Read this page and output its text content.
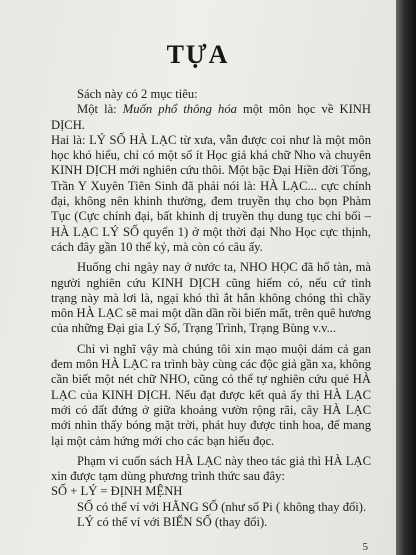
TỰA

Sách này có 2 mục tiêu:

Một là: Muốn phổ thông hóa một môn học về KINH DỊCH.

Hai là: LÝ SỐ HÀ LẠC từ xưa, vẫn được coi như là một môn học khó hiểu, chỉ có một số ít Học giả khá chữ Nho và chuyên KINH DỊCH mới nghiên cứu thôi. Một bậc Đại Hiền đời Tống, Trần Y Xuyên Tiên Sinh đã phải nói là: HÀ LẠC... cực chính đại, không nên khinh thường, đem truyền thụ cho bọn Phàm Tục (Cực chính đại, bất khinh dị truyền thụ dung tục chi bối – HÀ LẠC LÝ SỐ quyển 1) ở một thời đại Nho Học cực thịnh, cách đây gần 10 thế kỷ, mà còn có câu ấy.

Huống chi ngày nay ở nước ta, NHO HỌC đã hổ tàn, mà người nghiên cứu KINH DỊCH cũng hiếm có, nếu cứ tình trạng này mà lơi là, ngại khó thì ắt hẳn không chóng thì chầy môn HÀ LẠC sẽ mai một dần dần rồi biến mất, trên quê hương của những Đại gia Lý Số, Trạng Trình, Trạng Bùng v.v...

Chỉ vì nghĩ vậy mà chúng tôi xin mạo muội dám cả gan đem môn HÀ LẠC ra trình bày cùng các độc giả gần xa, không cần biết một nét chữ NHO, cũng có thể tự nghiên cứu quẻ HÀ LẠC của KINH DỊCH. Nếu đạt được kết quả ấy thì HÀ LẠC mới có đất đứng ở giữa khoảng vườn rộng rãi, cây HÀ LẠC mới nhìn thấy bóng mặt trời, phát huy được tinh hoa, để mang lại một cảm hứng mới cho các bạn hiếu đọc.

Phạm vi cuốn sách HÀ LẠC này theo tác giả thì HÀ LẠC xin được tạm dùng phương trình thức sau đây:

SỐ + LÝ = ĐỊNH MỆNH

SỐ có thể ví với HẰNG SỐ (như số Pi ( không thay đổi).

LÝ có thể ví với BIẾN SỐ (thay đổi).

5
